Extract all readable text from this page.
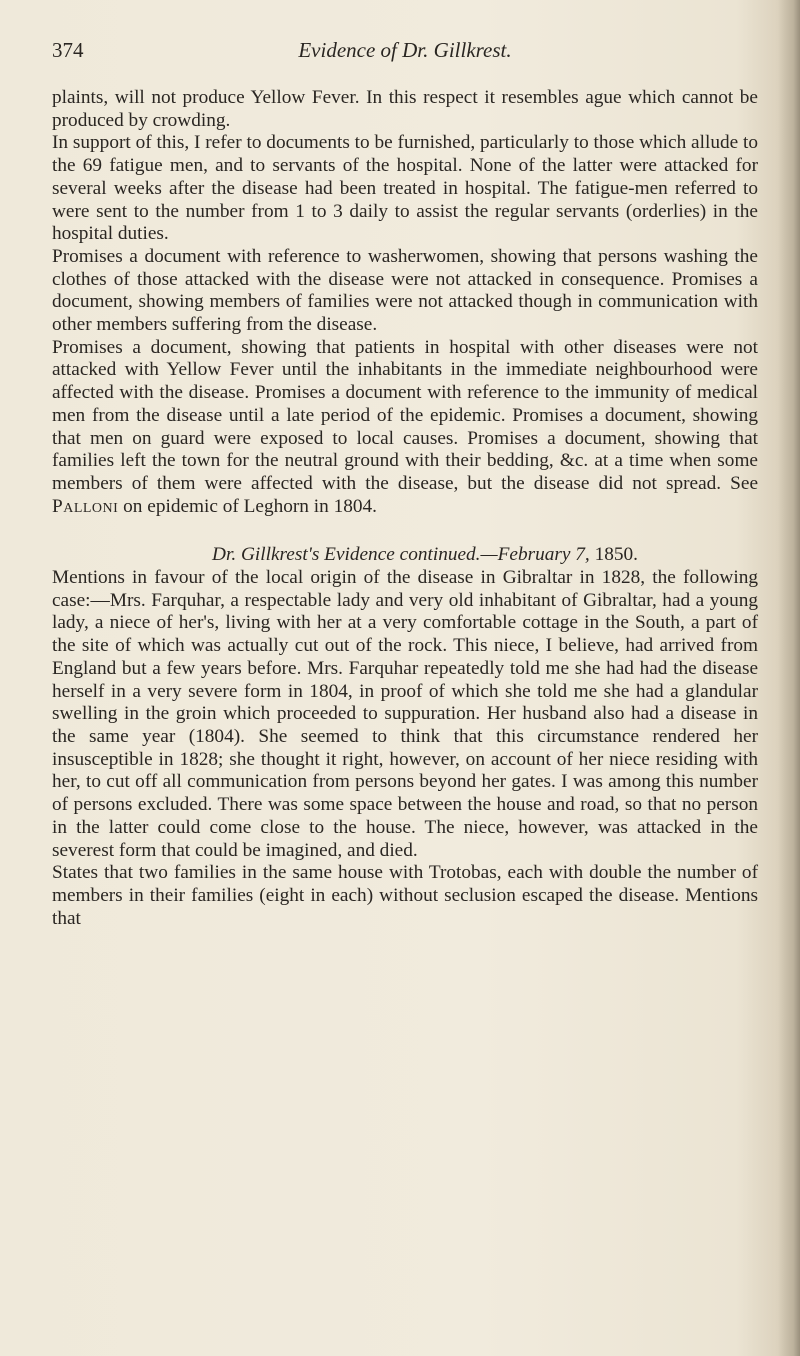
374	Evidence of Dr. Gillkrest.

plaints, will not produce Yellow Fever. In this respect it resembles ague which cannot be produced by crowding.

In support of this, I refer to documents to be furnished, particularly to those which allude to the 69 fatigue men, and to servants of the hospital. None of the latter were attacked for several weeks after the disease had been treated in hospital. The fatigue-men referred to were sent to the number from 1 to 3 daily to assist the regular servants (orderlies) in the hospital duties.

Promises a document with reference to washerwomen, showing that persons washing the clothes of those attacked with the disease were not attacked in consequence. Promises a document, showing members of families were not attacked though in communication with other members suffering from the disease.

Promises a document, showing that patients in hospital with other diseases were not attacked with Yellow Fever until the inhabitants in the immediate neighbourhood were affected with the disease. Promises a document with reference to the immunity of medical men from the disease until a late period of the epidemic. Promises a document, showing that men on guard were exposed to local causes. Promises a document, showing that families left the town for the neutral ground with their bedding, &c. at a time when some members of them were affected with the disease, but the disease did not spread. See Palloni on epidemic of Leghorn in 1804.

Dr. Gillkrest's Evidence continued.—February 7, 1850.

Mentions in favour of the local origin of the disease in Gibraltar in 1828, the following case:—Mrs. Farquhar, a respectable lady and very old inhabitant of Gibraltar, had a young lady, a niece of her's, living with her at a very comfortable cottage in the South, a part of the site of which was actually cut out of the rock. This niece, I believe, had arrived from England but a few years before. Mrs. Farquhar repeatedly told me she had had the disease herself in a very severe form in 1804, in proof of which she told me she had a glandular swelling in the groin which proceeded to suppuration. Her husband also had a disease in the same year (1804). She seemed to think that this circumstance rendered her insusceptible in 1828; she thought it right, however, on account of her niece residing with her, to cut off all communication from persons beyond her gates. I was among this number of persons excluded. There was some space between the house and road, so that no person in the latter could come close to the house. The niece, however, was attacked in the severest form that could be imagined, and died.

States that two families in the same house with Trotobas, each with double the number of members in their families (eight in each) without seclusion escaped the disease. Mentions that
